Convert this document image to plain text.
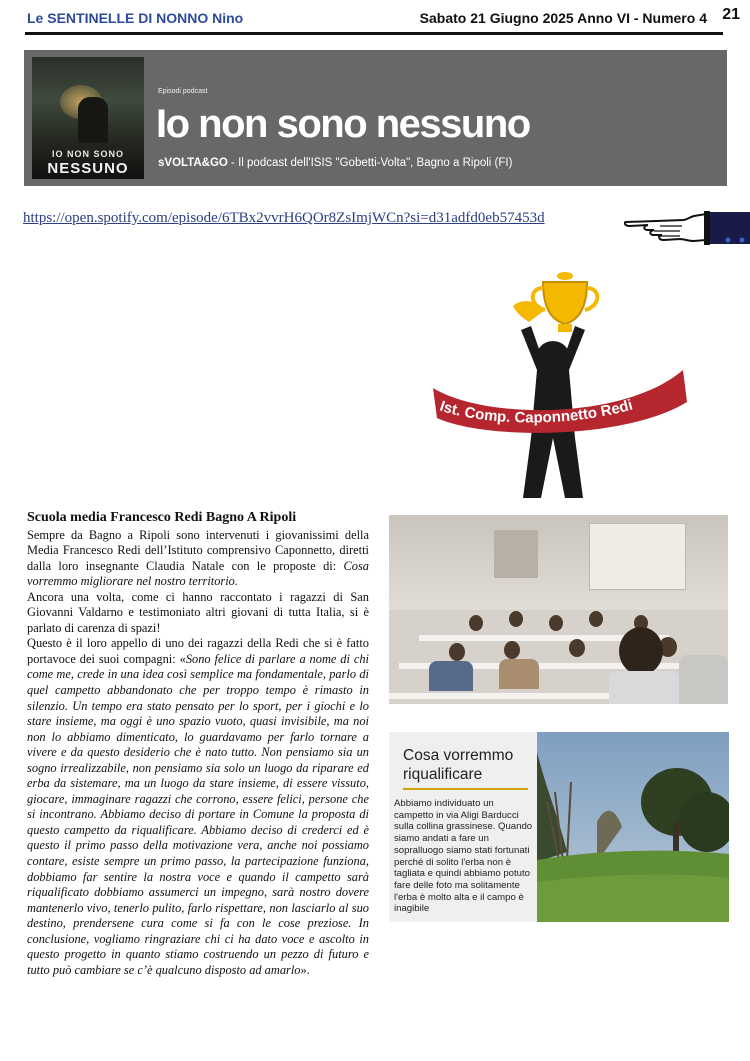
Le SENTINELLE DI NONNO Nino	Sabato 21 Giugno 2025 Anno VI - Numero 4 21
IO NON SONO
NESSUNO
Episodi podcast
Io non sono nessuno
sVOLTA&GO - Il podcast dell'ISIS "Gobetti-Volta", Bagno a Ripoli (FI)
https://open.spotify.com/episode/6TBx2vvrH6QOr8ZsImjWCn?si=d31adfd0eb57453d
Ist. Comp. Caponnetto Redi

Scuola media Francesco Redi Bagno A Ripoli

Sempre da Bagno a Ripoli sono intervenuti i giovanissimi della Media Francesco Redi dell’Istituto comprensivo Caponnetto, diretti dalla loro insegnante Claudia Natale con le proposte di: Cosa vorremmo migliorare nel nostro territorio.

Ancora una volta, come ci hanno raccontato i ragazzi di San Giovanni Valdarno e testimoniato altri giovani di tutta Italia, si è parlato di carenza di spazi!

Questo è il loro appello di uno dei ragazzi della Redi che si è fatto portavoce dei suoi compagni: «Sono felice di parlare a nome di chi come me, crede in una idea così semplice ma fondamentale, parlo di quel campetto abbandonato che per troppo tempo è rimasto in silenzio. Un tempo era stato pensato per lo sport, per i giochi e lo stare insieme, ma oggi è uno spazio vuoto, quasi invisibile, ma noi non lo abbiamo dimenticato, lo guardavamo per farlo tornare a vivere e da questo desiderio che è nato tutto. Non pensiamo sia un sogno irrealizzabile, non pensiamo sia solo un luogo da riparare ed erba da sistemare, ma un luogo da stare insieme, di essere vissuto, giocare, immaginare ragazzi che corrono, essere felici, persone che si incontrano. Abbiamo deciso di portare in Comune la proposta di questo campetto da riqualificare. Abbiamo deciso di crederci ed è questo il primo passo della motivazione vera, anche noi possiamo contare, esiste sempre un primo passo, la partecipazione funziona, dobbiamo far sentire la nostra voce e quando il campetto sarà riqualificato dobbiamo assumerci un impegno, sarà nostro dovere mantenerlo vivo, tenerlo pulito, farlo rispettare, non lasciarlo al suo destino, prendersene cura come si fa con le cose preziose. In conclusione, vogliamo ringraziare chi ci ha dato voce e ascolto in questo progetto in quanto stiamo costruendo un pezzo di futuro e tutto può cambiare se c’è qualcuno disposto ad amarlo».

Cosa vorremmo riqualificare
Abbiamo individuato un campetto in via Aligi Barducci sulla collina grassinese. Quando siamo andati a fare un sopralluogo siamo stati fortunati perché di solito l'erba non è tagliata e quindi abbiamo potuto fare delle foto ma solitamente l'erba è molto alta e il campo è inagibile
